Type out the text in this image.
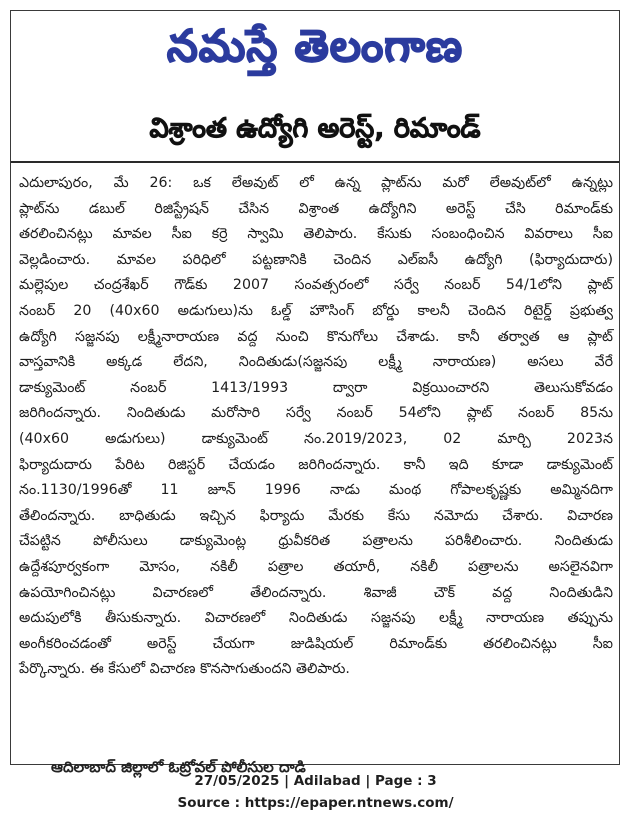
నమస్తే తెలంగాణ
విశ్రాంత ఉద్యోగి అరెస్ట్‌, రిమాండ్‌
ఎదులాపురం, మే 26: ఒక లేఅవుట్‌ లో ఉన్న ప్లాట్‌ను మరో లేఅవుట్‌లో ఉన్నట్లు
ప్లాట్‌ను డబుల్‌ రిజిస్ట్రేషన్‌ చేసిన విశ్రాంత ఉద్యోగిని అరెస్ట్‌ చేసి రిమాండ్‌కు
తరలించినట్లు మావల సీఐ కర్రె స్వామి తెలిపారు. కేసుకు సంబంధించిన వివరాలు సీఐ
వెల్లడించారు. మావల పరిధిలో పట్టణానికి చెందిన ఎల్‌ఐసీ ఉద్యోగి (ఫిర్యాదుదారు)
మల్లెపుల చంద్రశేఖర్‌ గౌడ్‌కు 2007 సంవత్సరంలో సర్వే నంబర్‌ 54/1లోని ప్లాట్‌
నంబర్‌ 20 (40x60 అడుగులు)ను ఓల్డ్‌ హౌసింగ్‌ బోర్డు కాలనీ చెందిన రిటైర్డ్‌ ప్రభుత్వ
ఉద్యోగి సజ్జనపు లక్ష్మీనారాయణ వద్ద నుంచి కొనుగోలు చేశాడు. కానీ తర్వాత ఆ ప్లాట్‌
వాస్తవానికి అక్కడ లేదని, నిందితుడు(సజ్జనపు లక్ష్మీ నారాయణ) అసలు వేరే
డాక్యుమెంట్‌ నంబర్‌ 1413/1993 ద్వారా విక్రయించారని తెలుసుకోవడం
జరిగిందన్నారు. నిందితుడు మరోసారి సర్వే నంబర్‌ 54లోని ప్లాట్‌ నంబర్‌ 85ను
(40x60 అడుగులు) డాక్యుమెంట్‌ నం.2019/2023, 02 మార్చి 2023న
ఫిర్యాదుదారు పేరిట రిజిస్టర్‌ చేయడం జరిగిందన్నారు. కానీ ఇది కూడా డాక్యుమెంట్‌
నం.1130/1996తో 11 జూన్‌ 1996 నాడు మంథ గోపాలకృష్ణకు అమ్మినదిగా
తేలిందన్నారు. బాధితుడు ఇచ్చిన ఫిర్యాదు మేరకు కేసు నమోదు చేశారు. విచారణ
చేపట్టిన పోలీసులు డాక్యుమెంట్ల ధ్రువీకరిత పత్రాలను పరిశీలించారు. నిందితుడు
ఉద్దేశపూర్వకంగా మోసం, నకిలీ పత్రాల తయారీ, నకిలీ పత్రాలను అసలైనవిగా
ఉపయోగించినట్లు విచారణలో తేలిందన్నారు. శివాజీ చౌక్‌ వద్ద నిందితుడిని
అదుపులోకి తీసుకున్నారు. విచారణలో నిందితుడు సజ్జనపు లక్ష్మీ నారాయణ తప్పును
అంగీకరించడంతో అరెస్ట్‌ చేయగా జుడిషియల్‌ రిమాండ్‌కు తరలించినట్లు సీఐ
పేర్కొన్నారు. ఈ కేసులో విచారణ కొనసాగుతుందని తెలిపారు.
ఆదిలాబాద్‌ జిల్లాలో ఓట్రోవల్‌ పోలీసుల దాడి
27/05/2025 | Adilabad | Page : 3
Source : https://epaper.ntnews.com/
